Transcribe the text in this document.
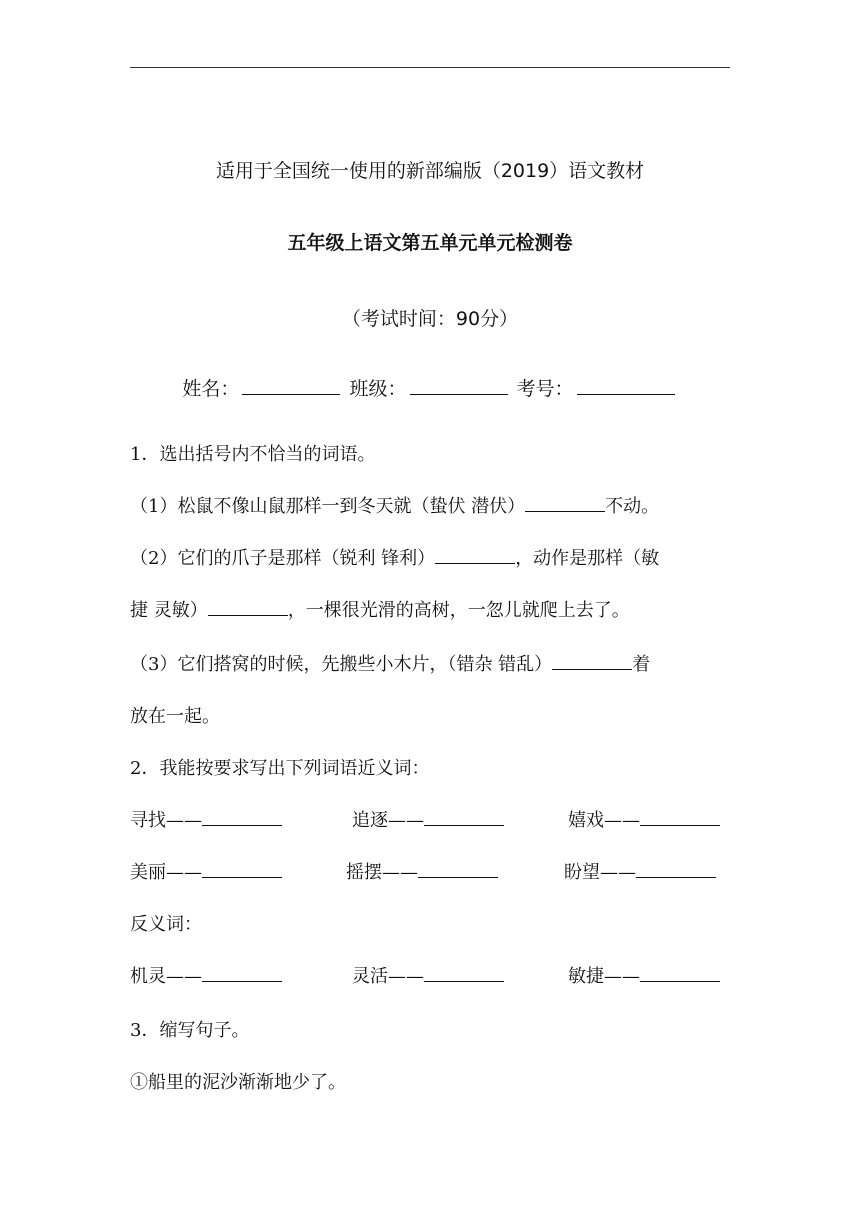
适用于全国统一使用的新部编版（2019）语文教材
五年级上语文第五单元单元检测卷
（考试时间：90分）
姓名：	班级：	考号：
1．选出括号内不恰当的词语。
（1）松鼠不像山鼠那样一到冬天就（蛰伏 潜伏）	不动。
（2）它们的爪子是那样（锐利 锋利）	，动作是那样（敏
捷 灵敏）	，一棵很光滑的高树，一忽儿就爬上去了。
（3）它们搭窝的时候，先搬些小木片，（错杂 错乱）	着
放在一起。
2．我能按要求写出下列词语近义词：
寻找——	追逐——	嬉戏——
美丽——	摇摆——	盼望——
反义词：
机灵——	灵活——	敏捷——
3．缩写句子。
①船里的泥沙渐渐地少了。
